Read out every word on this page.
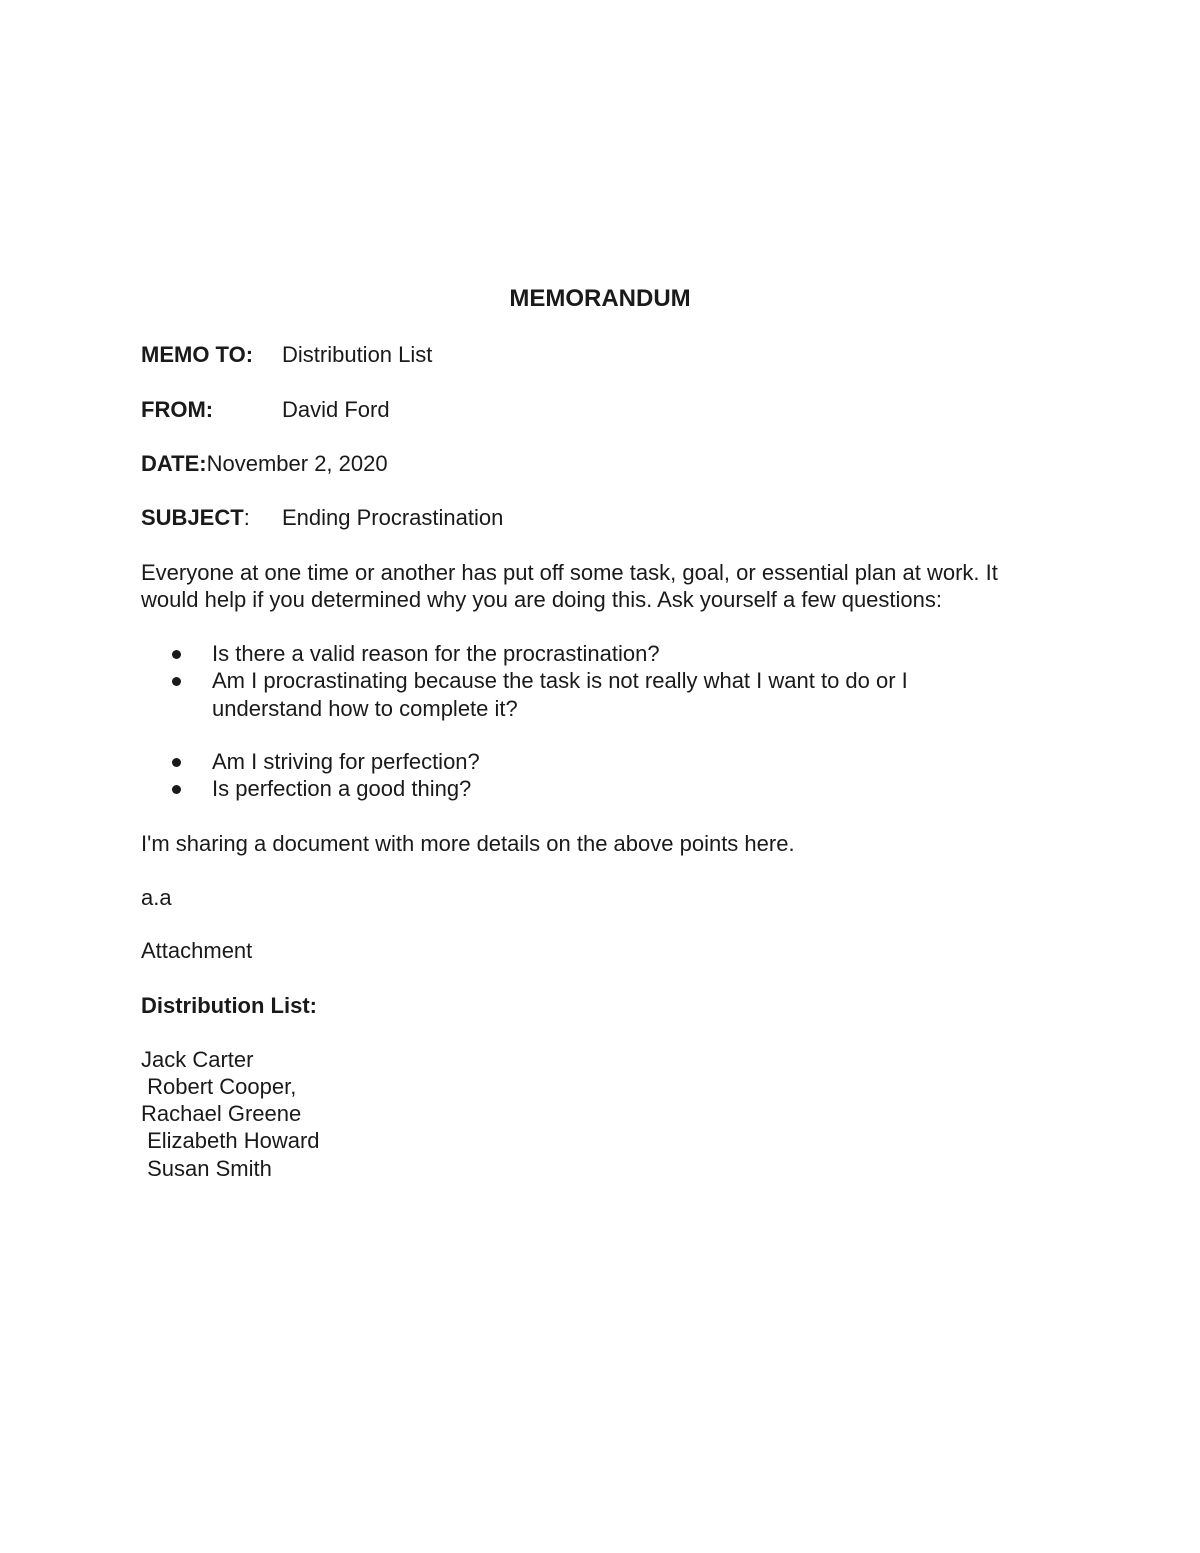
MEMORANDUM
MEMO TO: Distribution List
FROM:	David Ford
DATE:November 2, 2020
SUBJECT: Ending Procrastination
Everyone at one time or another has put off some task, goal, or essential plan at work. It
would help if you determined why you are doing this. Ask yourself a few questions:
Is there a valid reason for the procrastination?
Am I procrastinating because the task is not really what I want to do or I
understand how to complete it?
Am I striving for perfection?
Is perfection a good thing?
I'm sharing a document with more details on the above points here.
a.a
Attachment
Distribution List:
Jack Carter
Robert Cooper,
Rachael Greene
Elizabeth Howard
Susan Smith
